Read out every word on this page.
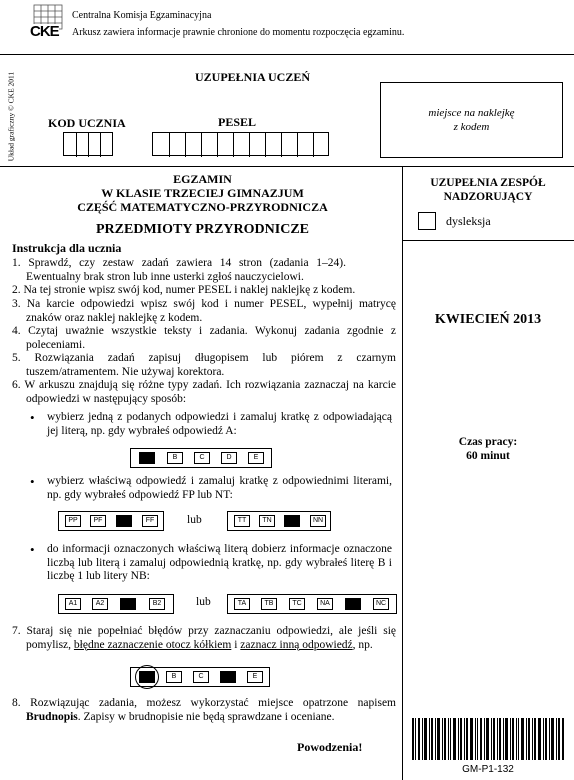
CKE
Centralna Komisja Egzaminacyjna
Arkusz zawiera informacje prawnie chronione do momentu rozpoczęcia egzaminu.
Układ graficzny © CKE 2011	UZUPEŁNIA UCZEŃ
KOD UCZNIA	PESEL
miejsce na naklejkę z kodem
EGZAMIN
W KLASIE TRZECIEJ GIMNAZJUM
CZĘŚĆ MATEMATYCZNO-PRZYRODNICZA
PRZEDMIOTY PRZYRODNICZE
UZUPEŁNIA ZESPÓŁ
NADZORUJĄCY
dysleksja
KWIECIEŃ 2013
Czas pracy:
60 minut
GM-P1-132

Instrukcja dla ucznia

1. Sprawdź, czy zestaw zadań zawiera 14 stron (zadania 1–24). Ewentualny brak stron lub inne usterki zgłoś nauczycielowi.

2. Na tej stronie wpisz swój kod, numer PESEL i naklej naklejkę z kodem.

3. Na karcie odpowiedzi wpisz swój kod i numer PESEL, wypełnij matrycę znaków oraz naklej naklejkę z kodem.

4. Czytaj uważnie wszystkie teksty i zadania. Wykonuj zadania zgodnie z poleceniami.

5. Rozwiązania zadań zapisuj długopisem lub piórem z czarnym tuszem/atramentem. Nie używaj korektora.

6. W arkuszu znajdują się różne typy zadań. Ich rozwiązania zaznaczaj na karcie odpowiedzi w następujący sposób:

• wybierz jedną z podanych odpowiedzi i zamaluj kratkę z odpowiadającą jej literą, np. gdy wybrałeś odpowiedź A:
A	B	C	D	E
• wybierz właściwą odpowiedź i zamaluj kratkę z odpowiednimi literami, np. gdy wybrałeś odpowiedź FP lub NT:
PP	PF	FP	FF	lub	TT	TN	NT	NN
• do informacji oznaczonych właściwą literą dobierz informacje oznaczone liczbą lub literą i zamaluj odpowiednią kratkę, np. gdy wybrałeś literę B i liczbę 1 lub litery NB:
A1	A2	B1	B2	lub	TA	TB	TC	NA	NB	NC

7. Staraj się nie popełniać błędów przy zaznaczaniu odpowiedzi, ale jeśli się pomylisz, błędne zaznaczenie otocz kółkiem i zaznacz inną odpowiedź, np.

A	B	C	D	E

8. Rozwiązując zadania, możesz wykorzystać miejsce opatrzone napisem Brudnopis. Zapisy w brudnopisie nie będą sprawdzane i oceniane.

Powodzenia!
